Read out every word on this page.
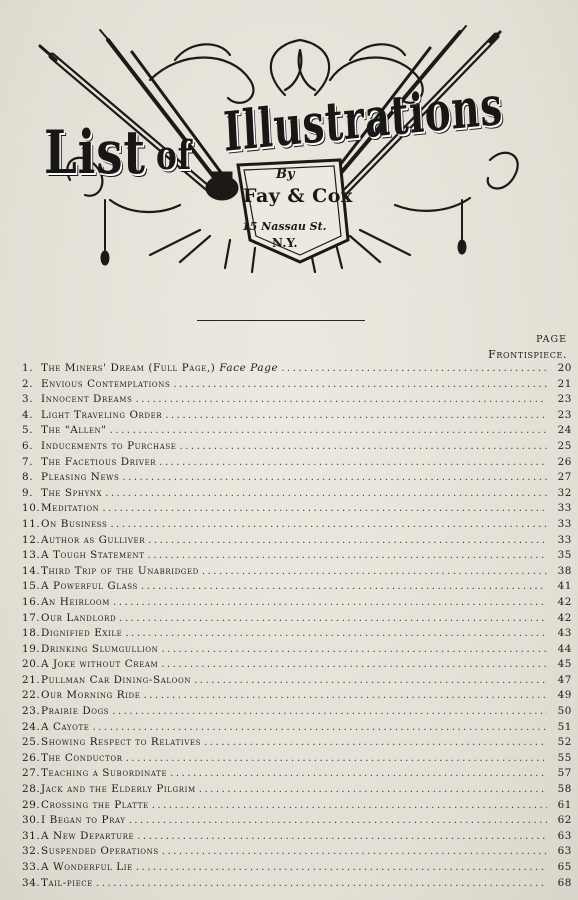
List of Illustrations
By
Fay & Cox
15 Nassau St.
N.Y.
PAGE
Frontispiece.
1. The Miners' Dream (Full Page,) Face Page .....	20
2. Envious Contemplations .....	21
3. Innocent Dreams .....	23
4. Light Traveling Order .....	23
5. The "Allen" .....	24
6. Inducements to Purchase .....	25
7. The Facetious Driver .....	26
8. Pleasing News .....	27
9. The Sphynx .....	32
10. Meditation .....	33
11. On Business .....	33
12. Author as Gulliver .....	33
13. A Tough Statement .....	35
14. Third Trip of the Unabridged .....	38
15. A Powerful Glass .....	41
16. An Heirloom .....	42
17. Our Landlord .....	42
18. Dignified Exile .....	43
19. Drinking Slumgullion .....	44
20. A Joke without Cream .....	45
21. Pullman Car Dining-Saloon .....	47
22. Our Morning Ride .....	49
23. Prairie Dogs .....	50
24. A Cayote .....	51
25. Showing Respect to Relatives .....	52
26. The Conductor .....	55
27. Teaching a Subordinate .....	57
28. Jack and the Elderly Pilgrim .....	58
29. Crossing the Platte .....	61
30. I Began to Pray .....	62
31. A New Departure .....	63
32. Suspended Operations .....	63
33. A Wonderful Lie .....	65
34. Tail-piece .....	68
